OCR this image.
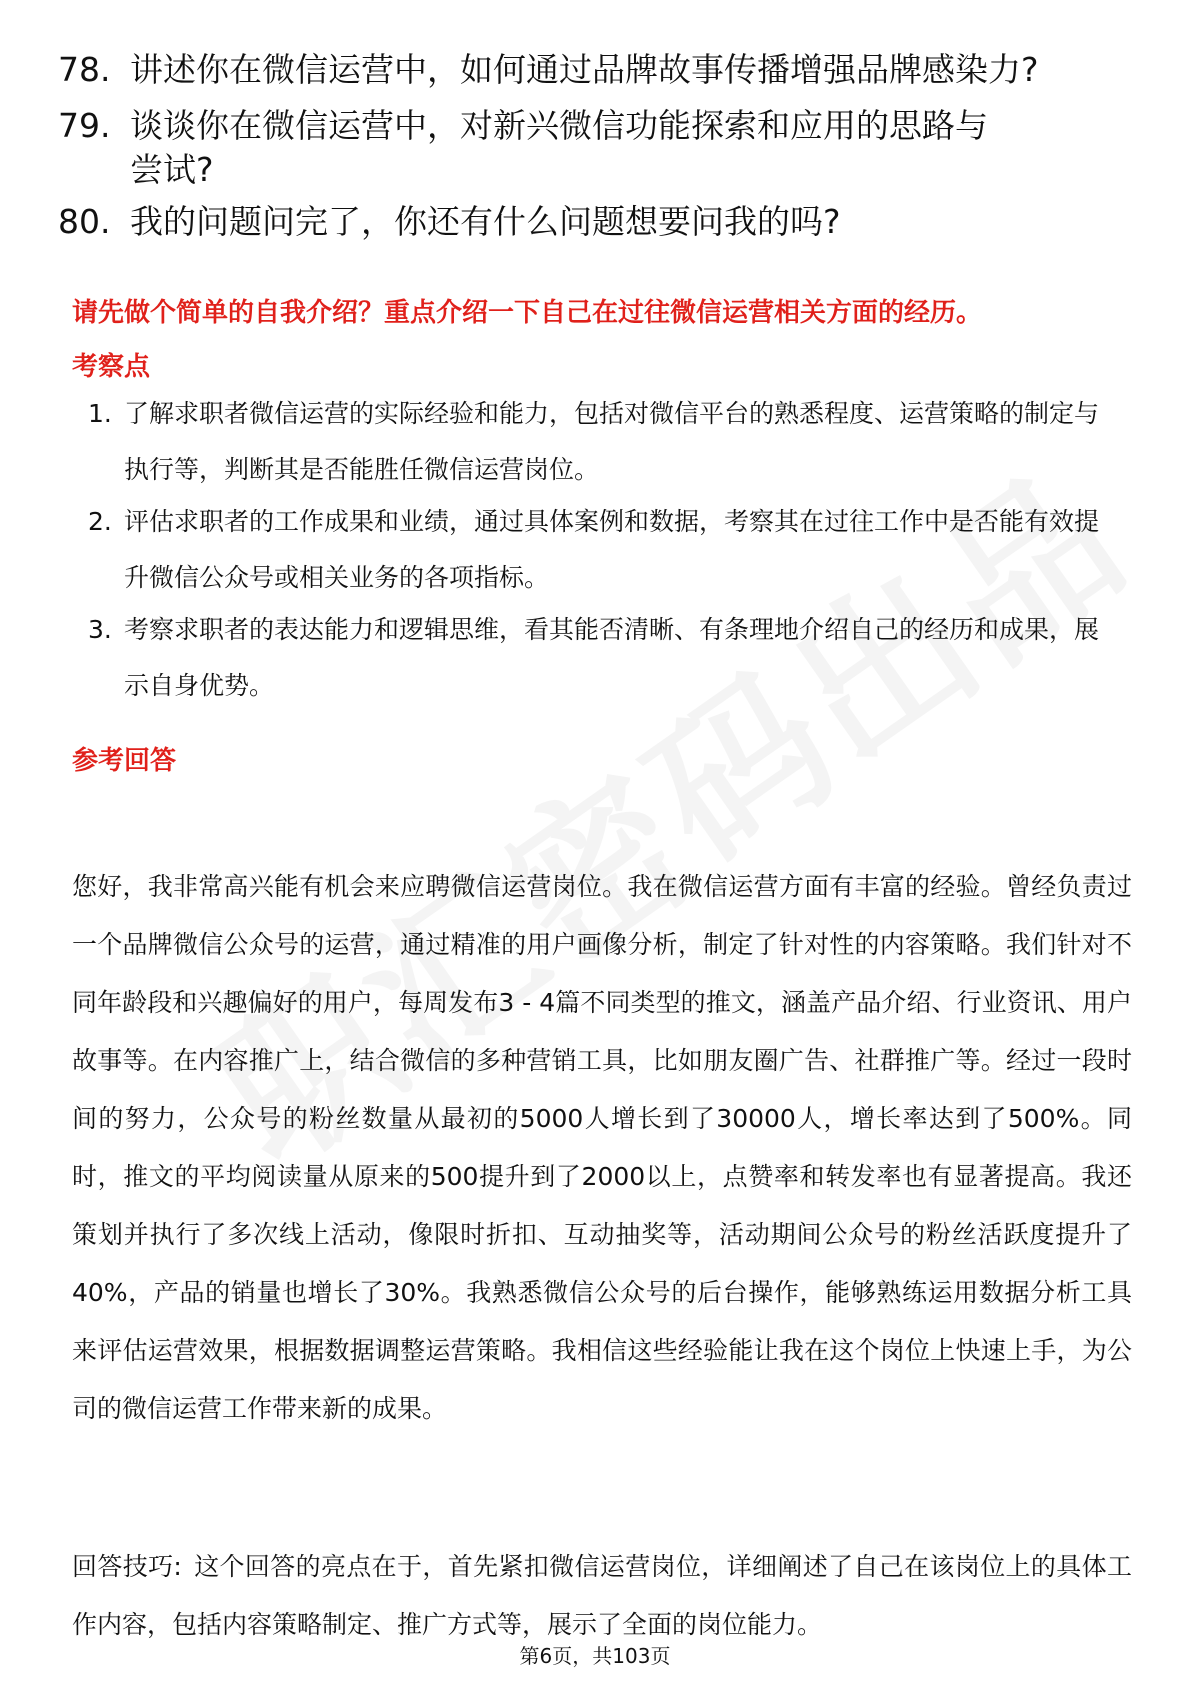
78. 讲述你在微信运营中，如何通过品牌故事传播增强品牌感染力?
79. 谈谈你在微信运营中，对新兴微信功能探索和应用的思路与尝试?
80. 我的问题问完了，你还有什么问题想要问我的吗?
请先做个简单的自我介绍？重点介绍一下自己在过往微信运营相关方面的经历。
考察点
1. 了解求职者微信运营的实际经验和能力，包括对微信平台的熟悉程度、运营策略的制定与执行等，判断其是否能胜任微信运营岗位。
2. 评估求职者的工作成果和业绩，通过具体案例和数据，考察其在过往工作中是否能有效提升微信公众号或相关业务的各项指标。
3. 考察求职者的表达能力和逻辑思维，看其能否清晰、有条理地介绍自己的经历和成果，展示自身优势。
参考回答
您好，我非常高兴能有机会来应聘微信运营岗位。我在微信运营方面有丰富的经验。曾经负责过一个品牌微信公众号的运营，通过精准的用户画像分析，制定了针对性的内容策略。我们针对不同年龄段和兴趣偏好的用户，每周发布3 - 4篇不同类型的推文，涵盖产品介绍、行业资讯、用户故事等。在内容推广上，结合微信的多种营销工具，比如朋友圈广告、社群推广等。经过一段时间的努力，公众号的粉丝数量从最初的5000人增长到了30000人，增长率达到了500%。同时，推文的平均阅读量从原来的500提升到了2000以上，点赞率和转发率也有显著提高。我还策划并执行了多次线上活动，像限时折扣、互动抽奖等，活动期间公众号的粉丝活跃度提升了40%，产品的销量也增长了30%。我熟悉微信公众号的后台操作，能够熟练运用数据分析工具来评估运营效果，根据数据调整运营策略。我相信这些经验能让我在这个岗位上快速上手，为公司的微信运营工作带来新的成果。
回答技巧: 这个回答的亮点在于，首先紧扣微信运营岗位，详细阐述了自己在该岗位上的具体工作内容，包括内容策略制定、推广方式等，展示了全面的岗位能力。
第6页，共103页
